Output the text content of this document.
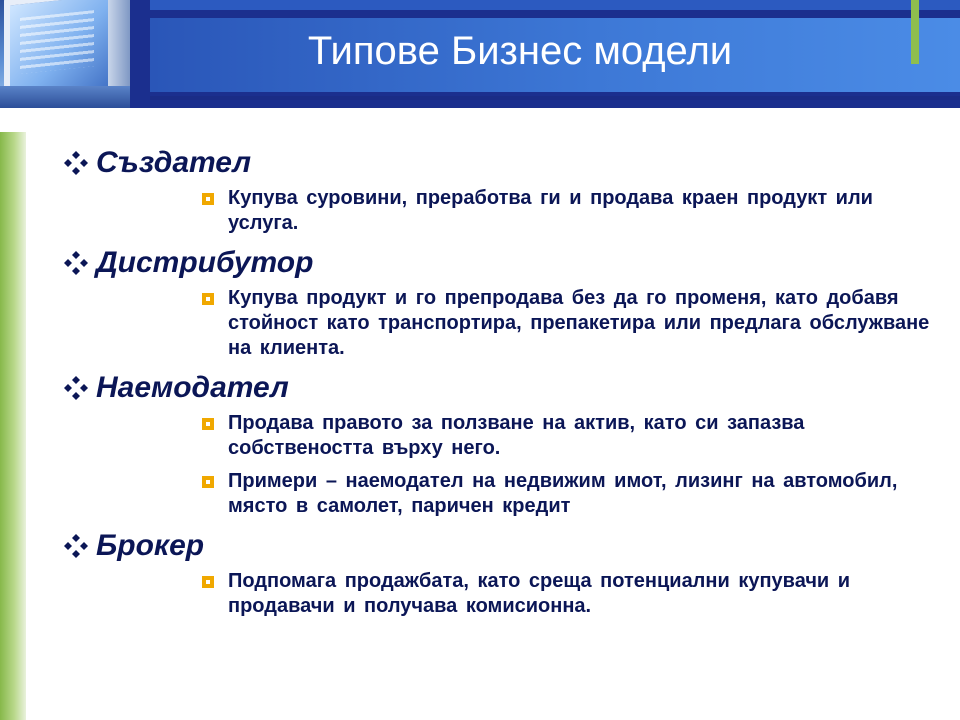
Типове Бизнес модели
Създател
Купува суровини, преработва ги и продава краен продукт или услуга.
Дистрибутор
Купува продукт и го препродава без да го променя, като добавя стойност като транспортира, препакетира или предлага обслужване на клиента.
Наемодател
Продава правото за ползване на актив, като си запазва собствеността върху него.
Примери – наемодател на недвижим имот, лизинг на автомобил, място в самолет, паричен кредит
Брокер
Подпомага продажбата, като среща потенциални купувачи и продавачи и получава комисионна.
